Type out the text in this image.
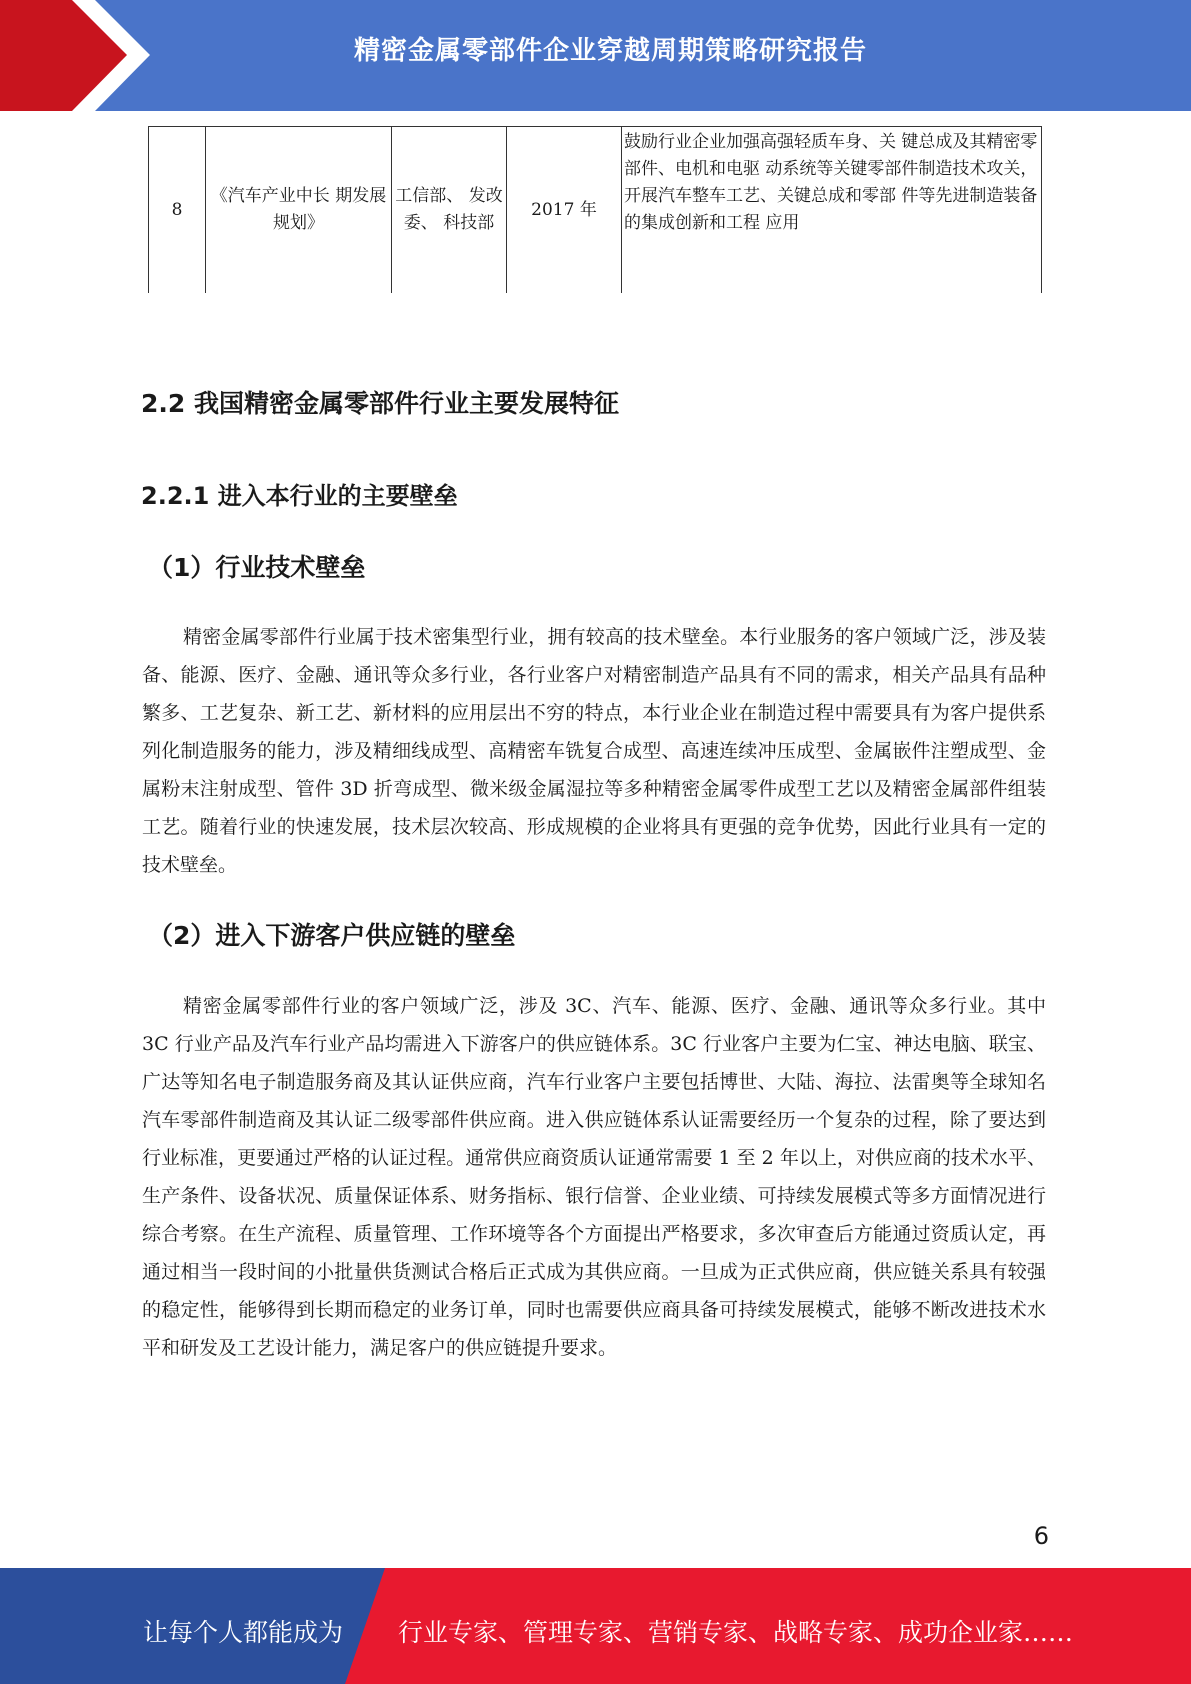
精密金属零部件企业穿越周期策略研究报告
8	《汽车产业中长 期发展规划》	工信部、 发改委、 科技部	2017 年	鼓励行业企业加强高强轻质车身、关 键总成及其精密零部件、电机和电驱 动系统等关键零部件制造技术攻关， 开展汽车整车工艺、关键总成和零部 件等先进制造装备的集成创新和工程 应用
2.2 我国精密金属零部件行业主要发展特征
2.2.1 进入本行业的主要壁垒
（1）行业技术壁垒

精密金属零部件行业属于技术密集型行业，拥有较高的技术壁垒。本行业服务的客户领域广泛，涉及装备、能源、医疗、金融、通讯等众多行业，各行业客户对精密制造产品具有不同的需求，相关产品具有品种繁多、工艺复杂、新工艺、新材料的应用层出不穷的特点，本行业企业在制造过程中需要具有为客户提供系列化制造服务的能力，涉及精细线成型、高精密车铣复合成型、高速连续冲压成型、金属嵌件注塑成型、金属粉末注射成型、管件 3D 折弯成型、微米级金属湿拉等多种精密金属零件成型工艺以及精密金属部件组装工艺。随着行业的快速发展，技术层次较高、形成规模的企业将具有更强的竞争优势，因此行业具有一定的技术壁垒。

（2）进入下游客户供应链的壁垒

精密金属零部件行业的客户领域广泛，涉及 3C、汽车、能源、医疗、金融、通讯等众多行业。其中 3C 行业产品及汽车行业产品均需进入下游客户的供应链体系。3C 行业客户主要为仁宝、神达电脑、联宝、广达等知名电子制造服务商及其认证供应商，汽车行业客户主要包括博世、大陆、海拉、法雷奥等全球知名汽车零部件制造商及其认证二级零部件供应商。进入供应链体系认证需要经历一个复杂的过程，除了要达到行业标准，更要通过严格的认证过程。通常供应商资质认证通常需要 1 至 2 年以上，对供应商的技术水平、生产条件、设备状况、质量保证体系、财务指标、银行信誉、企业业绩、可持续发展模式等多方面情况进行综合考察。在生产流程、质量管理、工作环境等各个方面提出严格要求，多次审查后方能通过资质认定，再通过相当一段时间的小批量供货测试合格后正式成为其供应商。一旦成为正式供应商，供应链关系具有较强的稳定性，能够得到长期而稳定的业务订单，同时也需要供应商具备可持续发展模式，能够不断改进技术水平和研发及工艺设计能力，满足客户的供应链提升要求。

6
让每个人都能成为 行业专家、管理专家、营销专家、战略专家、成功企业家……
